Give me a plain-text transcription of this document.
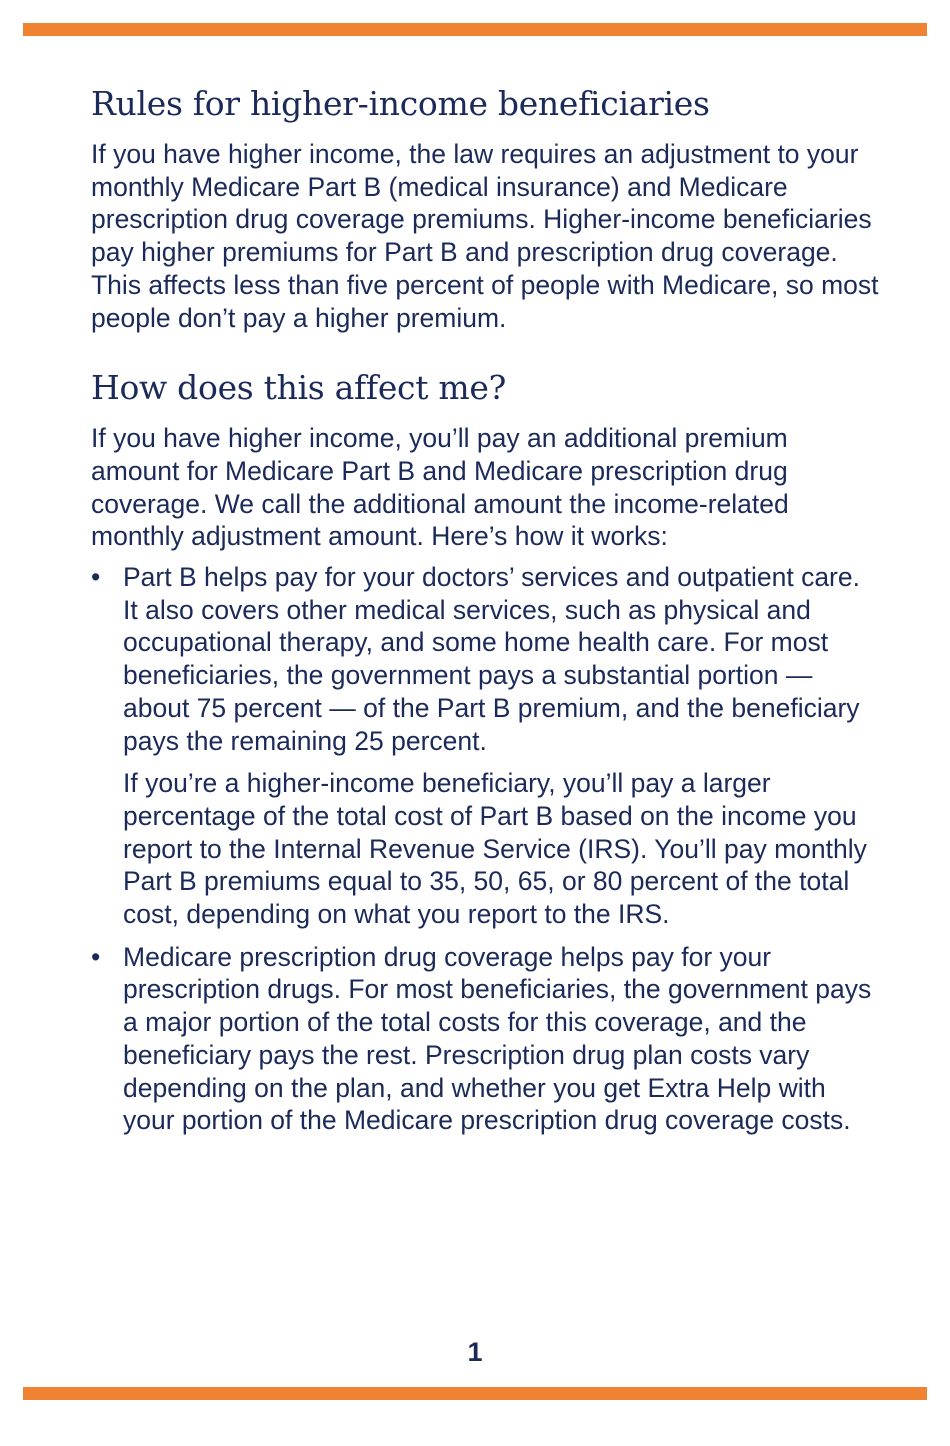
Rules for higher-income beneficiaries

If you have higher income, the law requires an adjustment to your monthly Medicare Part B (medical insurance) and Medicare prescription drug coverage premiums. Higher-income beneficiaries pay higher premiums for Part B and prescription drug coverage. This affects less than five percent of people with Medicare, so most people don’t pay a higher premium.

How does this affect me?

If you have higher income, you’ll pay an additional premium amount for Medicare Part B and Medicare prescription drug coverage. We call the additional amount the income-related monthly adjustment amount. Here’s how it works:

• Part B helps pay for your doctors’ services and outpatient care. It also covers other medical services, such as physical and occupational therapy, and some home health care. For most beneficiaries, the government pays a substantial portion — about 75 percent — of the Part B premium, and the beneficiary pays the remaining 25 percent.

If you’re a higher-income beneficiary, you’ll pay a larger percentage of the total cost of Part B based on the income you report to the Internal Revenue Service (IRS). You’ll pay monthly Part B premiums equal to 35, 50, 65, or 80 percent of the total cost, depending on what you report to the IRS.

• Medicare prescription drug coverage helps pay for your prescription drugs. For most beneficiaries, the government pays a major portion of the total costs for this coverage, and the beneficiary pays the rest. Prescription drug plan costs vary depending on the plan, and whether you get Extra Help with your portion of the Medicare prescription drug coverage costs.

1
